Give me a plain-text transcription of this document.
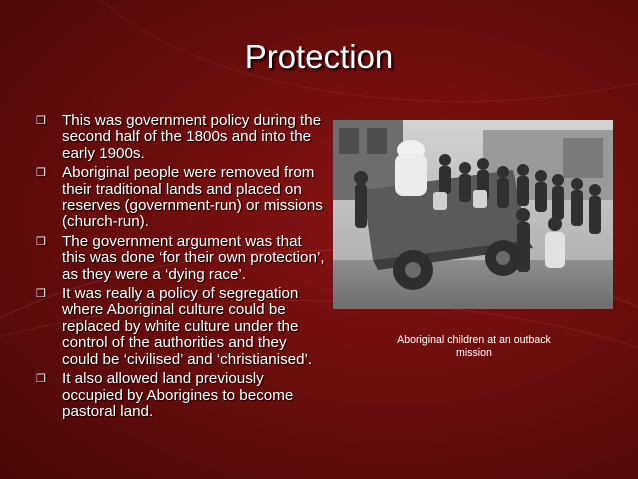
Protection
❒	This was government policy during the second half of the 1800s and into the early 1900s.
❒	Aboriginal people were removed from their traditional lands and placed on reserves (government-run) or missions (church-run).
❒	The government argument was that this was done ‘for their own protection’, as they were a ‘dying race’.
❒	It was really a policy of segregation where Aboriginal culture could be replaced by white culture under the control of the authorities and they could be ‘civilised’ and ‘christianised’.
❒	It also allowed land previously occupied by Aborigines to become pastoral land.
Aboriginal children at an outback mission
